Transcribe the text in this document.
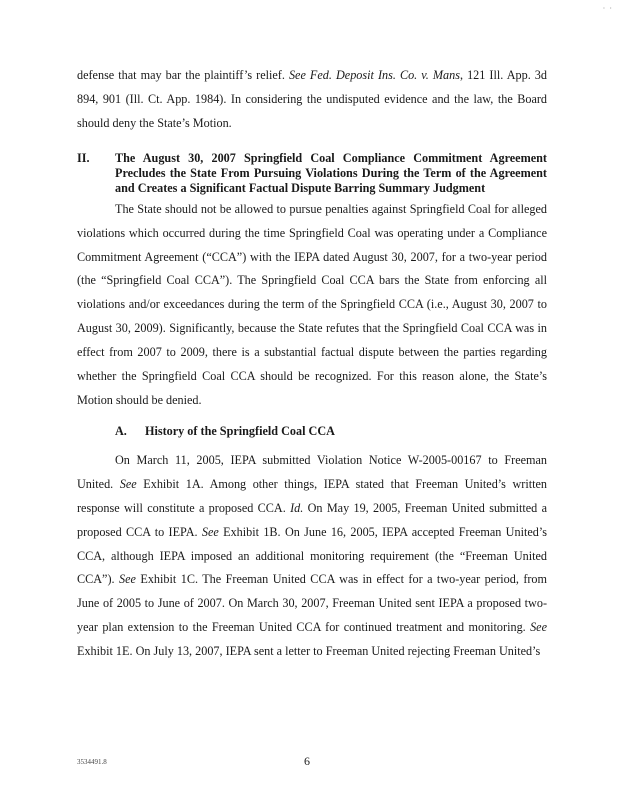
· ·

defense that may bar the plaintiff’s relief. See Fed. Deposit Ins. Co. v. Mans, 121 Ill. App. 3d 894, 901 (Ill. Ct. App. 1984). In considering the undisputed evidence and the law, the Board should deny the State’s Motion.

II.	The August 30, 2007 Springfield Coal Compliance Commitment Agreement Precludes the State From Pursuing Violations During the Term of the Agreement and Creates a Significant Factual Dispute Barring Summary Judgment

The State should not be allowed to pursue penalties against Springfield Coal for alleged violations which occurred during the time Springfield Coal was operating under a Compliance Commitment Agreement (“CCA”) with the IEPA dated August 30, 2007, for a two-year period (the “Springfield Coal CCA”). The Springfield Coal CCA bars the State from enforcing all violations and/or exceedances during the term of the Springfield CCA (i.e., August 30, 2007 to August 30, 2009). Significantly, because the State refutes that the Springfield Coal CCA was in effect from 2007 to 2009, there is a substantial factual dispute between the parties regarding whether the Springfield Coal CCA should be recognized. For this reason alone, the State’s Motion should be denied.

A.	History of the Springfield Coal CCA

On March 11, 2005, IEPA submitted Violation Notice W-2005-00167 to Freeman United. See Exhibit 1A. Among other things, IEPA stated that Freeman United’s written response will constitute a proposed CCA. Id. On May 19, 2005, Freeman United submitted a proposed CCA to IEPA. See Exhibit 1B. On June 16, 2005, IEPA accepted Freeman United’s CCA, although IEPA imposed an additional monitoring requirement (the “Freeman United CCA”). See Exhibit 1C. The Freeman United CCA was in effect for a two-year period, from June of 2005 to June of 2007. On March 30, 2007, Freeman United sent IEPA a proposed two-year plan extension to the Freeman United CCA for continued treatment and monitoring. See Exhibit 1E. On July 13, 2007, IEPA sent a letter to Freeman United rejecting Freeman United’s

3534491.8	6
